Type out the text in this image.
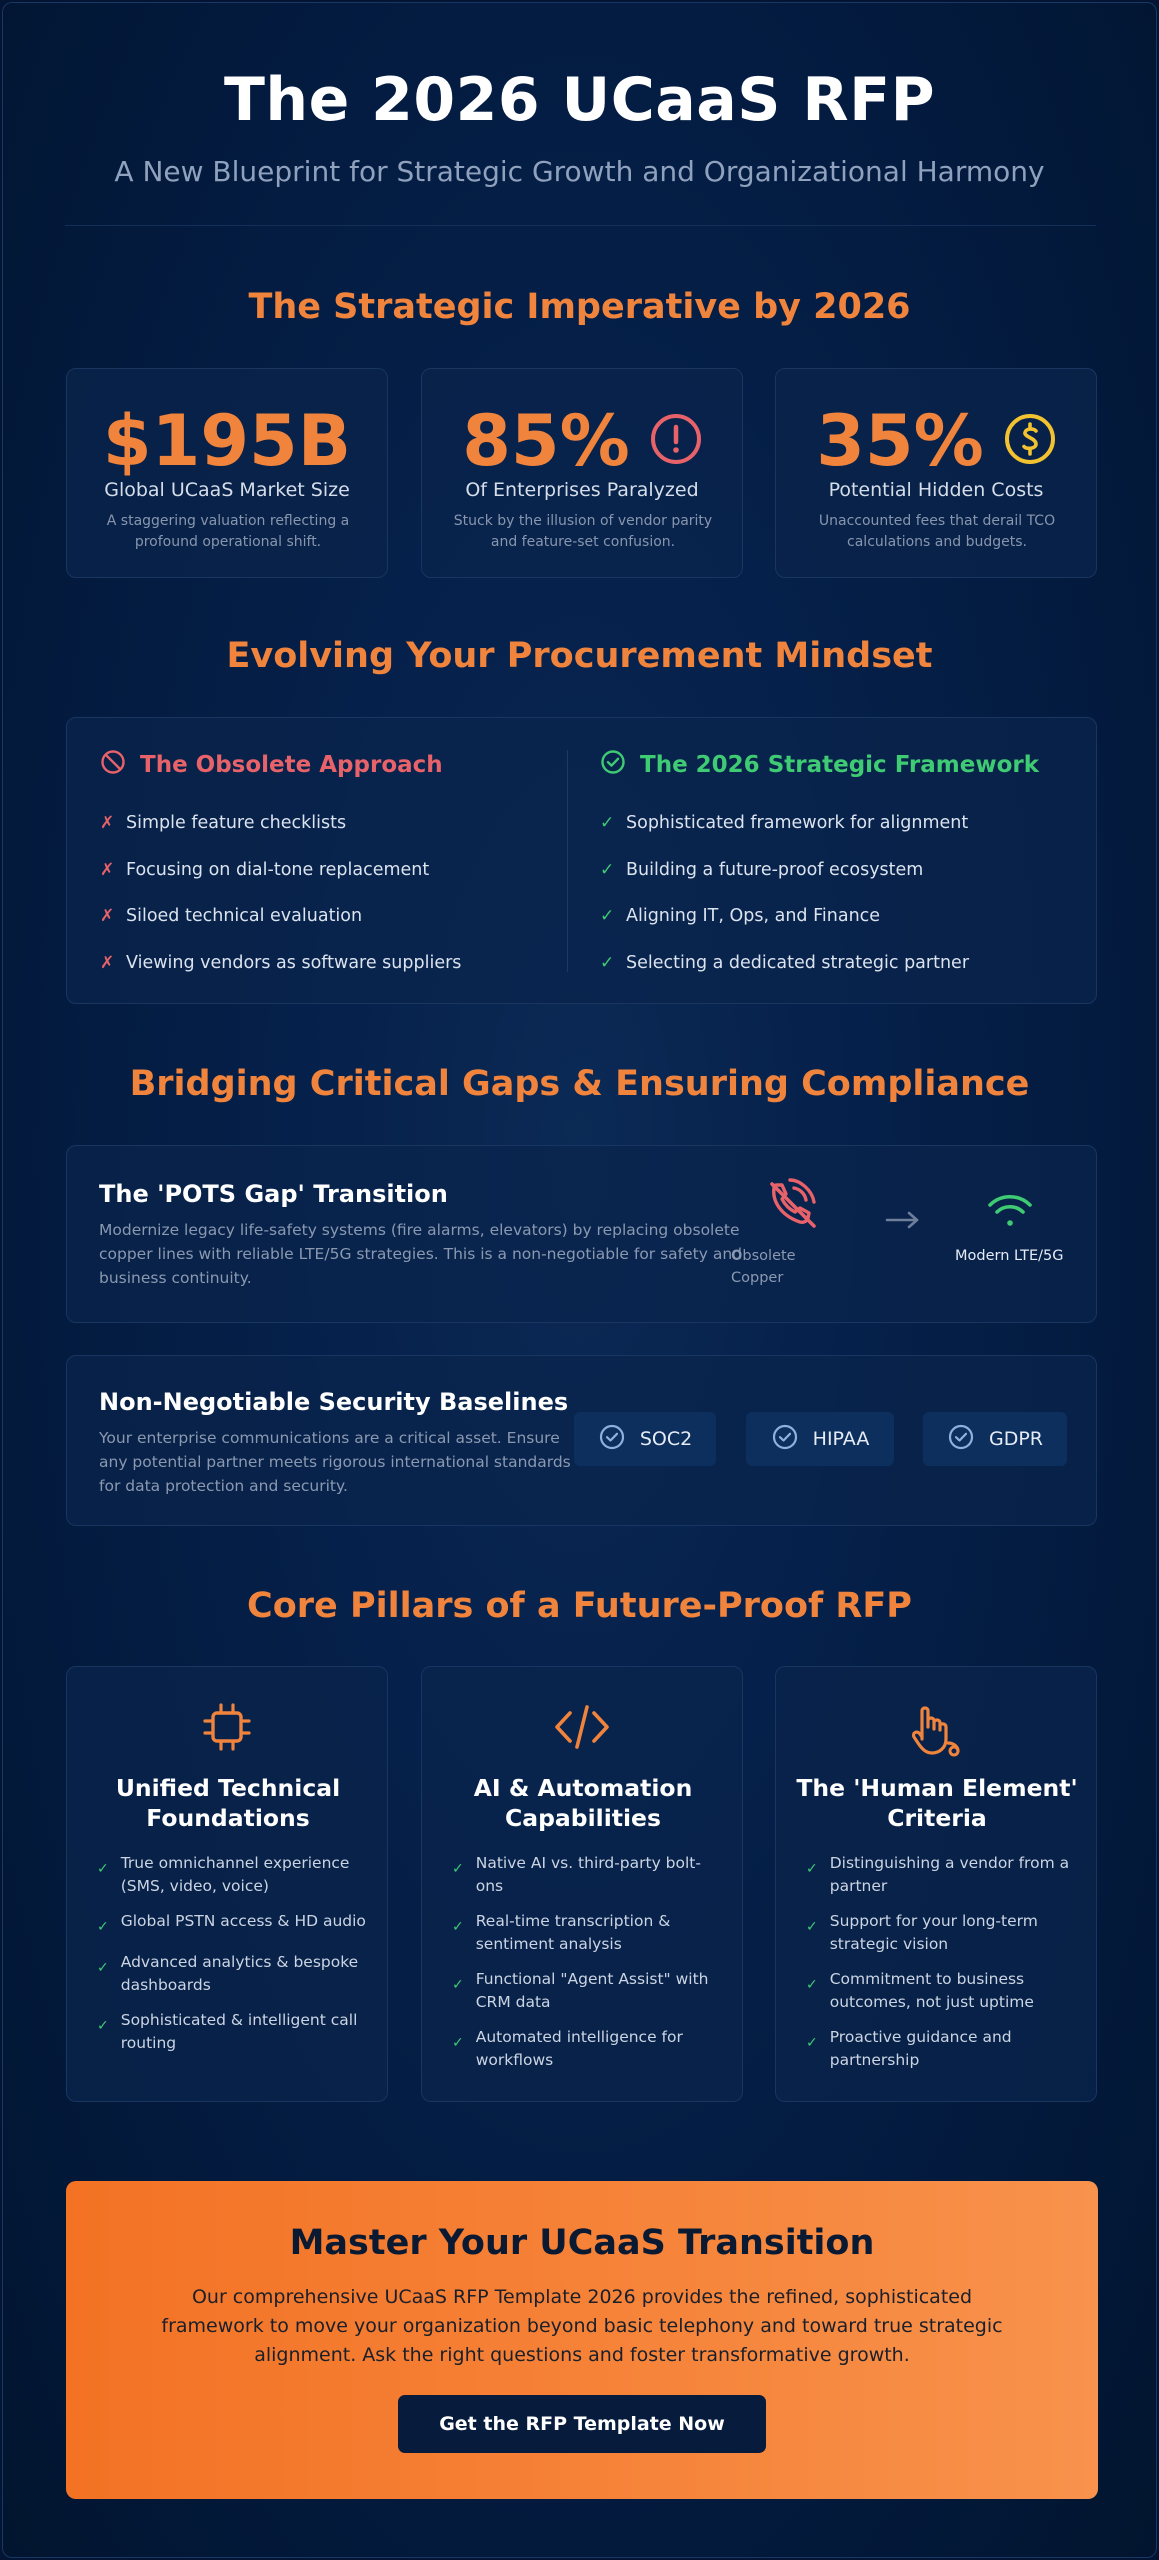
The 2026 UCaaS RFP
A New Blueprint for Strategic Growth and Organizational Harmony
The Strategic Imperative by 2026
$195B
Global UCaaS Market Size
A staggering valuation reflecting a profound operational shift.
85%
Of Enterprises Paralyzed
Stuck by the illusion of vendor parity and feature-set confusion.
35%
Potential Hidden Costs
Unaccounted fees that derail TCO calculations and budgets.
Evolving Your Procurement Mindset
The Obsolete Approach
✗ Simple feature checklists
✗ Focusing on dial-tone replacement
✗ Siloed technical evaluation
✗ Viewing vendors as software suppliers
The 2026 Strategic Framework
✓ Sophisticated framework for alignment
✓ Building a future-proof ecosystem
✓ Aligning IT, Ops, and Finance
✓ Selecting a dedicated strategic partner
Bridging Critical Gaps & Ensuring Compliance
The 'POTS Gap' Transition
Modernize legacy life-safety systems (fire alarms, elevators) by replacing obsolete copper lines with reliable LTE/5G strategies. This is a non-negotiable for safety and business continuity.
Obsolete Copper
Modern LTE/5G
Non-Negotiable Security Baselines
Your enterprise communications are a critical asset. Ensure any potential partner meets rigorous international standards for data protection and security.
SOC2	HIPAA	GDPR
Core Pillars of a Future-Proof RFP
Unified Technical Foundations
✓ True omnichannel experience (SMS, video, voice)
✓ Global PSTN access & HD audio
✓ Advanced analytics & bespoke dashboards
✓ Sophisticated & intelligent call routing
AI & Automation Capabilities
✓ Native AI vs. third-party bolt-ons
✓ Real-time transcription & sentiment analysis
✓ Functional "Agent Assist" with CRM data
✓ Automated intelligence for workflows
The 'Human Element' Criteria
✓ Distinguishing a vendor from a partner
✓ Support for your long-term strategic vision
✓ Commitment to business outcomes, not just uptime
✓ Proactive guidance and partnership
Master Your UCaaS Transition
Our comprehensive UCaaS RFP Template 2026 provides the refined, sophisticated framework to move your organization beyond basic telephony and toward true strategic alignment. Ask the right questions and foster transformative growth.
Get the RFP Template Now
